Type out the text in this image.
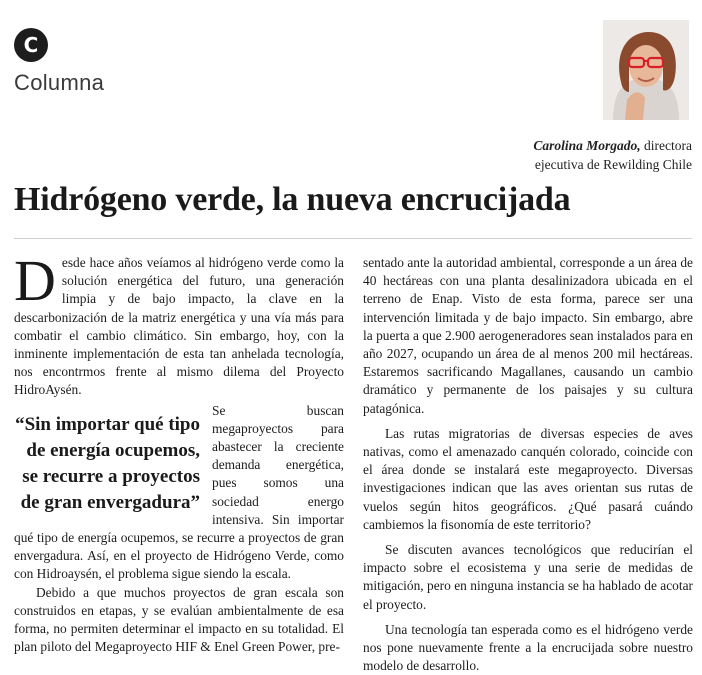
C
Columna
Carolina Morgado, directora
ejecutiva de Rewilding Chile
Hidrógeno verde, la nueva encrucijada

Desde hace años veíamos al hidrógeno verde como la solución energética del futuro, una generación limpia y de bajo impacto, la clave en la descarbonización de la matriz energética y una vía más para combatir el cambio climático. Sin embargo, hoy, con la inminente implementación de esta tan anhelada tecnología, nos encontrmos frente al mismo dilema del Proyecto HidroAysén.

“Sin importar qué tipo de energía ocupemos, se recurre a proyectos de gran envergadura”

Se buscan megaproyectos para abastecer la creciente demanda energética, pues somos una sociedad energo intensiva. Sin importar qué tipo de energía ocupemos, se recurre a proyectos de gran envergadura. Así, en el proyecto de Hidrógeno Verde, como con Hidroaysén, el problema sigue siendo la escala.

Debido a que muchos proyectos de gran escala son construidos en etapas, y se evalúan ambientalmente de esa forma, no permiten determinar el impacto en su totalidad. El plan piloto del Megaproyecto HIF & Enel Green Power, pre-

sentado ante la autoridad ambiental, corresponde a un área de 40 hectáreas con una planta desalinizadora ubicada en el terreno de Enap. Visto de esta forma, parece ser una intervención limitada y de bajo impacto. Sin embargo, abre la puerta a que 2.900 aerogeneradores sean instalados para en año 2027, ocupando un área de al menos 200 mil hectáreas. Estaremos sacrificando Magallanes, causando un cambio dramático y permanente de los paisajes y su cultura patagónica.

Las rutas migratorias de diversas especies de aves nativas, como el amenazado canquén colorado, coincide con el área donde se instalará este megaproyecto. Diversas investigaciones indican que las aves orientan sus rutas de vuelos según hitos geográficos. ¿Qué pasará cuándo cambiemos la fisonomía de este territorio?

Se discuten avances tecnológicos que reducirían el impacto sobre el ecosistema y una serie de medidas de mitigación, pero en ninguna instancia se ha hablado de acotar el proyecto.

Una tecnología tan esperada como es el hidrógeno verde nos pone nuevamente frente a la encrucijada sobre nuestro modelo de desarrollo.
